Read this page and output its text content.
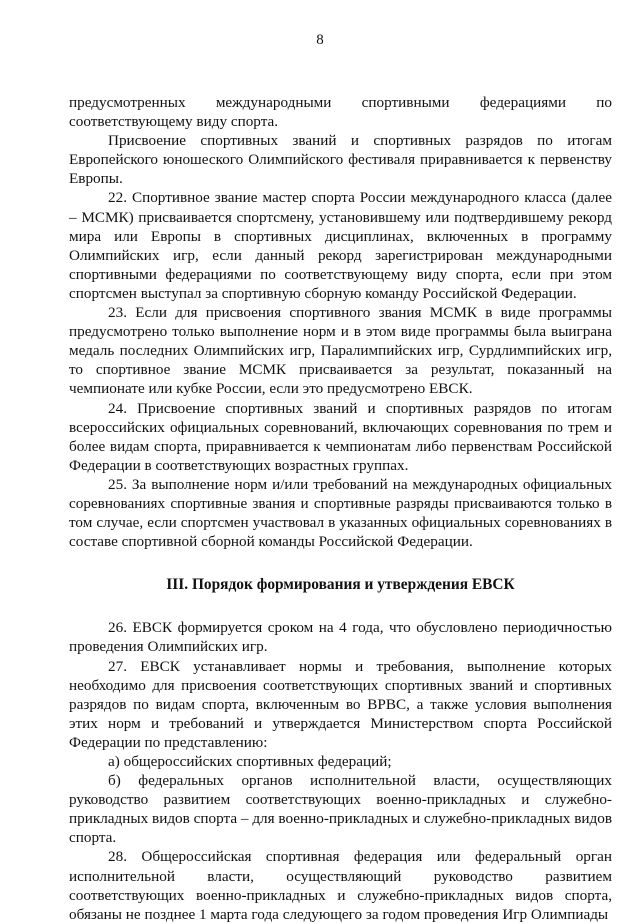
8

предусмотренных международными спортивными федерациями по соответствующему виду спорта.

Присвоение спортивных званий и спортивных разрядов по итогам Европейского юношеского Олимпийского фестиваля приравнивается к первенству Европы.

22. Спортивное звание мастер спорта России международного класса (далее – МСМК) присваивается спортсмену, установившему или подтвердившему рекорд мира или Европы в спортивных дисциплинах, включенных в программу Олимпийских игр, если данный рекорд зарегистрирован международными спортивными федерациями по соответствующему виду спорта, если при этом спортсмен выступал за спортивную сборную команду Российской Федерации.

23. Если для присвоения спортивного звания МСМК в виде программы предусмотрено только выполнение норм и в этом виде программы была выиграна медаль последних Олимпийских игр, Паралимпийских игр, Сурдлимпийских игр, то спортивное звание МСМК присваивается за результат, показанный на чемпионате или кубке России, если это предусмотрено ЕВСК.

24. Присвоение спортивных званий и спортивных разрядов по итогам всероссийских официальных соревнований, включающих соревнования по трем и более видам спорта, приравнивается к чемпионатам либо первенствам Российской Федерации в соответствующих возрастных группах.

25. За выполнение норм и/или требований на международных официальных соревнованиях спортивные звания и спортивные разряды присваиваются только в том случае, если спортсмен участвовал в указанных официальных соревнованиях в составе спортивной сборной команды Российской Федерации.

III. Порядок формирования и утверждения ЕВСК

26. ЕВСК формируется сроком на 4 года, что обусловлено периодичностью проведения Олимпийских игр.

27. ЕВСК устанавливает нормы и требования, выполнение которых необходимо для присвоения соответствующих спортивных званий и спортивных разрядов по видам спорта, включенным во ВРВС, а также условия выполнения этих норм и требований и утверждается Министерством спорта Российской Федерации по представлению:

а) общероссийских спортивных федераций;

б) федеральных органов исполнительной власти, осуществляющих руководство развитием соответствующих военно-прикладных и служебно-прикладных видов спорта – для военно-прикладных и служебно-прикладных видов спорта.

28. Общероссийская спортивная федерация или федеральный орган исполнительной власти, осуществляющий руководство развитием соответствующих военно-прикладных и служебно-прикладных видов спорта, обязаны не позднее 1 марта года следующего за годом проведения Игр Олимпиады
